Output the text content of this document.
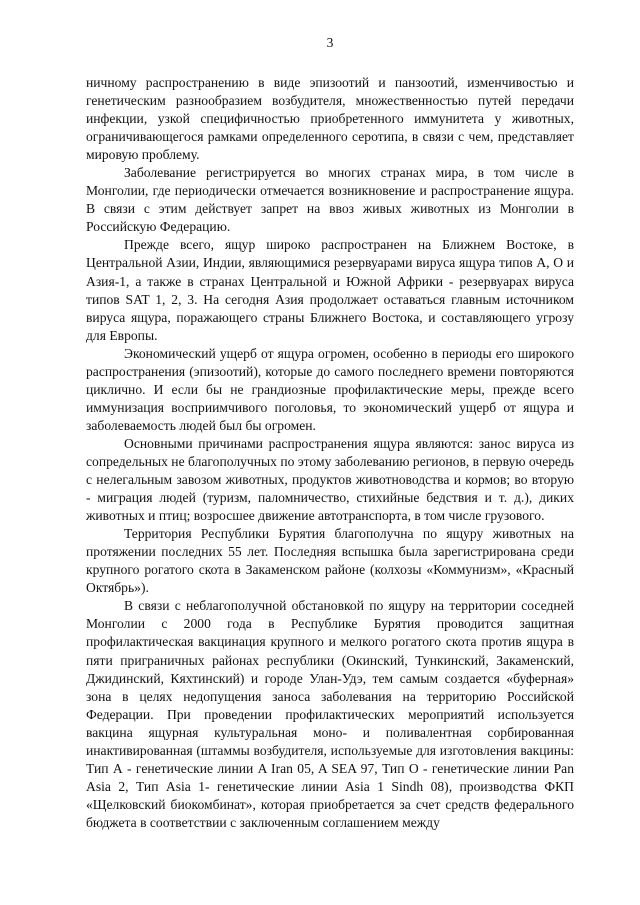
3

ничному распространению в виде эпизоотий и панзоотий, изменчивостью и генетическим разнообразием возбудителя, множественностью путей передачи инфекции, узкой специфичностью приобретенного иммунитета у животных, ограничивающегося рамками определенного серотипа, в связи с чем, представляет мировую проблему.

Заболевание регистрируется во многих странах мира, в том числе в Монголии, где периодически отмечается возникновение и распространение ящура. В связи с этим действует запрет на ввоз живых животных из Монголии в Российскую Федерацию.

Прежде всего, ящур широко распространен на Ближнем Востоке, в Центральной Азии, Индии, являющимися резервуарами вируса ящура типов А, О и Азия-1, а также в странах Центральной и Южной Африки - резервуарах вируса типов SAT 1, 2, 3. На сегодня Азия продолжает оставаться главным источником вируса ящура, поражающего страны Ближнего Востока, и составляющего угрозу для Европы.

Экономический ущерб от ящура огромен, особенно в периоды его широкого распространения (эпизоотий), которые до самого последнего времени повторяются циклично. И если бы не грандиозные профилактические меры, прежде всего иммунизация восприимчивого поголовья, то экономический ущерб от ящура и заболеваемость людей был бы огромен.

Основными причинами распространения ящура являются: занос вируса из сопредельных не благополучных по этому заболеванию регионов, в первую очередь с нелегальным завозом животных, продуктов животноводства и кормов; во вторую - миграция людей (туризм, паломничество, стихийные бедствия и т. д.), диких животных и птиц; возросшее движение автотранспорта, в том числе грузового.

Территория Республики Бурятия благополучна по ящуру животных на протяжении последних 55 лет. Последняя вспышка была зарегистрирована среди крупного рогатого скота в Закаменском районе (колхозы «Коммунизм», «Красный Октябрь»).

В связи с неблагополучной обстановкой по ящуру на территории соседней Монголии с 2000 года в Республике Бурятия проводится защитная профилактическая вакцинация крупного и мелкого рогатого скота против ящура в пяти приграничных районах республики (Окинский, Тункинский, Закаменский, Джидинский, Кяхтинский) и городе Улан-Удэ, тем самым создается «буферная» зона в целях недопущения заноса заболевания на территорию Российской Федерации. При проведении профилактических мероприятий используется вакцина ящурная культуральная моно- и поливалентная сорбированная инактивированная (штаммы возбудителя, используемые для изготовления вакцины: Тип А - генетические линии A Iran 05, A SEA 97, Тип О - генетические линии Pan Asia 2, Тип Asia 1- генетические линии Asia 1 Sindh 08), производства ФКП «Щелковский биокомбинат», которая приобретается за счет средств федерального бюджета в соответствии с заключенным соглашением между
